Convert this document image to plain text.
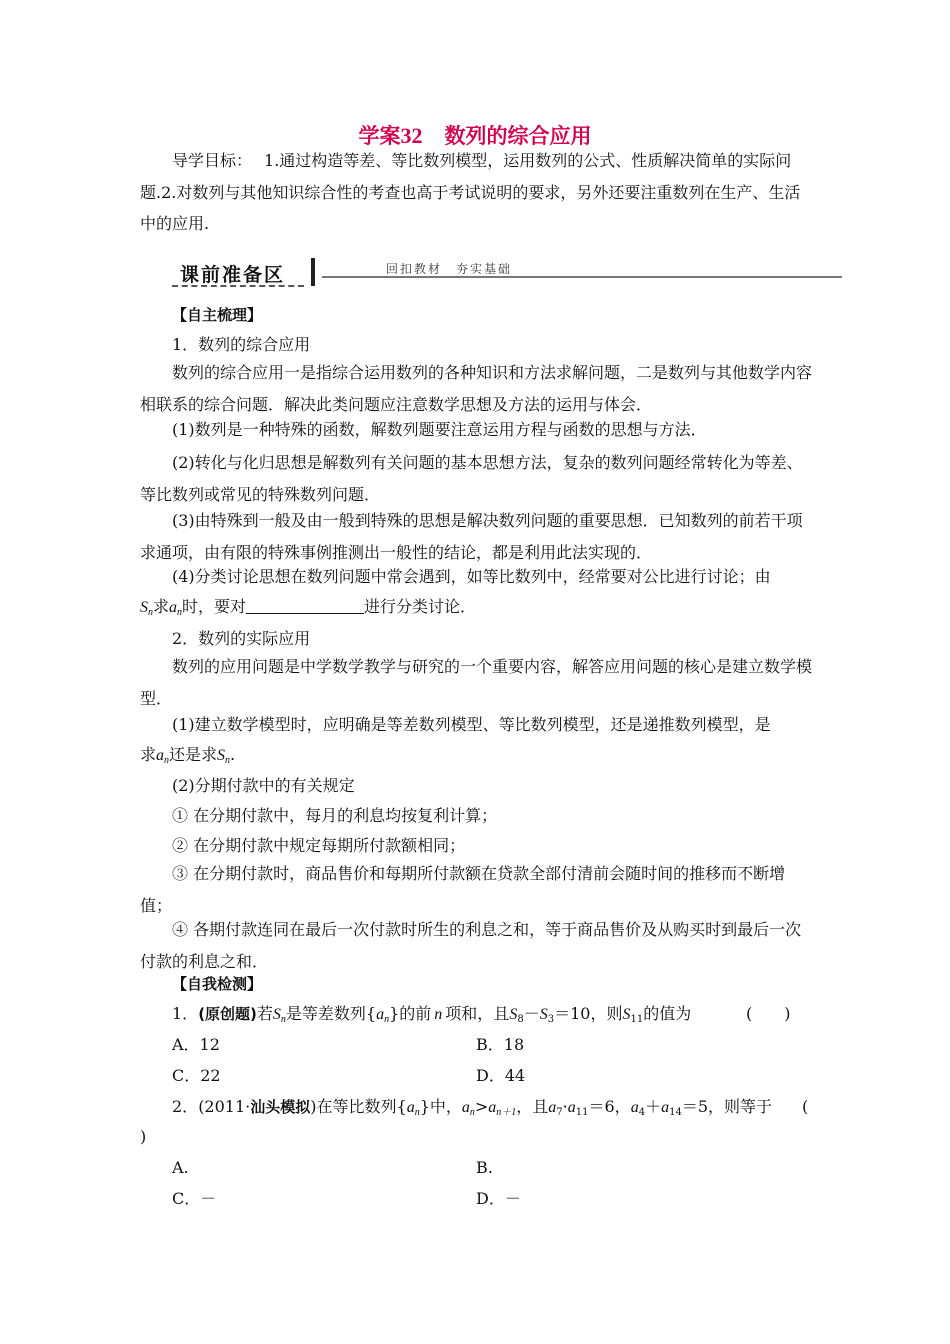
学案32 数列的综合应用
导学目标： 1.通过构造等差、等比数列模型，运用数列的公式、性质解决简单的实际问题.2.对数列与其他知识综合性的考查也高于考试说明的要求，另外还要注重数列在生产、生活中的应用.
课前准备区	回扣教材　夯实基础
【自主梳理】
1．数列的综合应用
数列的综合应用一是指综合运用数列的各种知识和方法求解问题，二是数列与其他数学内容相联系的综合问题．解决此类问题应注意数学思想及方法的运用与体会．
(1)数列是一种特殊的函数，解数列题要注意运用方程与函数的思想与方法．
(2)转化与化归思想是解数列有关问题的基本思想方法，复杂的数列问题经常转化为等差、等比数列或常见的特殊数列问题．
(3)由特殊到一般及由一般到特殊的思想是解决数列问题的重要思想．已知数列的前若干项求通项，由有限的特殊事例推测出一般性的结论，都是利用此法实现的．
(4)分类讨论思想在数列问题中常会遇到，如等比数列中，经常要对公比进行讨论；由
$S_n$求$a_n$时，要对	进行分类讨论．
2．数列的实际应用
数列的应用问题是中学数学教学与研究的一个重要内容，解答应用问题的核心是建立数学模型．
(1)建立数学模型时，应明确是等差数列模型、等比数列模型，还是递推数列模型，是
求$a_n$还是求$S_n$.
(2)分期付款中的有关规定
① 在分期付款中，每月的利息均按复利计算；
② 在分期付款中规定每期所付款额相同；
③ 在分期付款时，商品售价和每期所付款额在贷款全部付清前会随时间的推移而不断增值；
④ 各期付款连同在最后一次付款时所生的利息之和，等于商品售价及从购买时到最后一次付款的利息之和．
【自我检测】
1．(原创题)若$S_n$是等差数列$\{a_n\}$的前 n 项和，且$S_8-S_3=10$，则$S_{11}$的值为	(　　)
A．12	B．18
C．22	D．44
2．(2011·汕头模拟)在等比数列$\{a_n\}$中，$a_n>a_{n+1}$，且$a_7\cdot a_{11}=6$，$a_4+a_{14}=5$，则等于	(
)
A.	B.
C．－	D．－
